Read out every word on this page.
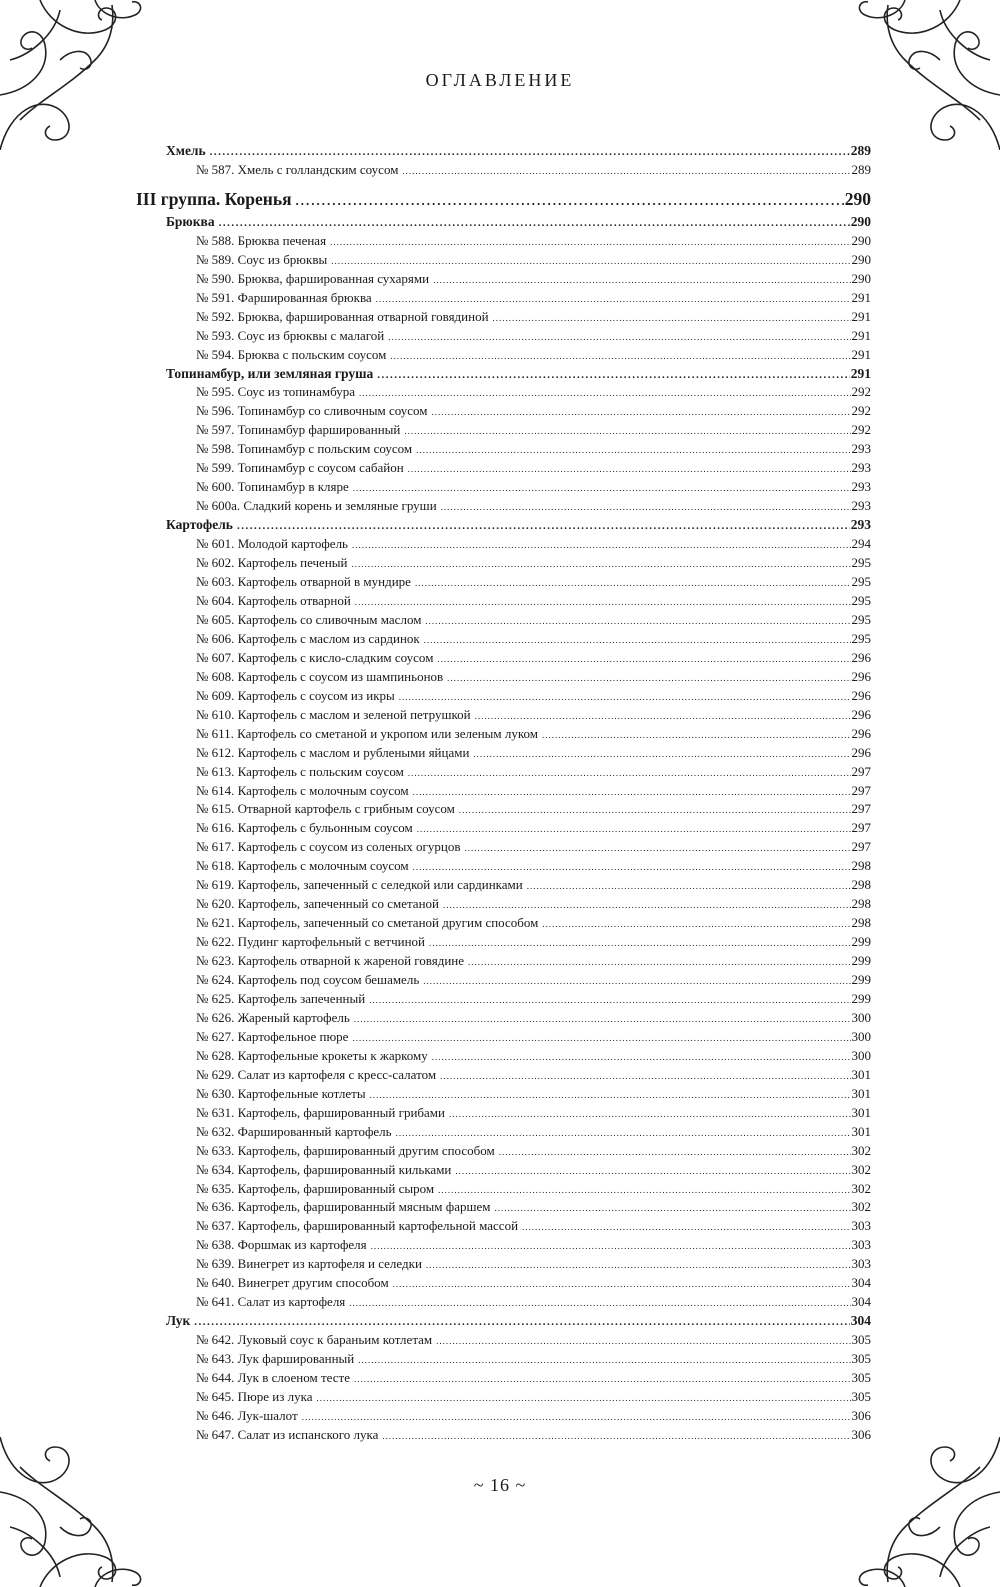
ОГЛАВЛЕНИЕ
Хмель .....	289
№ 587. Хмель с голландским соусом .....	289
III группа. Коренья .....	290
Брюква .....	290
№ 588. Брюква печеная .....	290
№ 589. Соус из брюквы .....	290
№ 590. Брюква, фаршированная сухарями .....	290
№ 591. Фаршированная брюква .....	291
№ 592. Брюква, фаршированная отварной говядиной .....	291
№ 593. Соус из брюквы с малагой .....	291
№ 594. Брюква с польским соусом .....	291
Топинамбур, или земляная груша .....	291
№ 595. Соус из топинамбура .....	292
№ 596. Топинамбур со сливочным соусом .....	292
№ 597. Топинамбур фаршированный .....	292
№ 598. Топинамбур с польским соусом .....	293
№ 599. Топинамбур с соусом сабайон .....	293
№ 600. Топинамбур в кляре .....	293
№ 600а. Сладкий корень и земляные груши .....	293
Картофель .....	293
№ 601. Молодой картофель .....	294
№ 602. Картофель печеный .....	295
№ 603. Картофель отварной в мундире .....	295
№ 604. Картофель отварной .....	295
№ 605. Картофель со сливочным маслом .....	295
№ 606. Картофель с маслом из сардинок .....	295
№ 607. Картофель с кисло-сладким соусом .....	296
№ 608. Картофель с соусом из шампиньонов .....	296
№ 609. Картофель с соусом из икры .....	296
№ 610. Картофель с маслом и зеленой петрушкой .....	296
№ 611. Картофель со сметаной и укропом или зеленым луком .....	296
№ 612. Картофель с маслом и рублеными яйцами .....	296
№ 613. Картофель с польским соусом .....	297
№ 614. Картофель с молочным соусом .....	297
№ 615. Отварной картофель с грибным соусом .....	297
№ 616. Картофель с бульонным соусом .....	297
№ 617. Картофель с соусом из соленых огурцов .....	297
№ 618. Картофель с молочным соусом .....	298
№ 619. Картофель, запеченный с селедкой или сардинками .....	298
№ 620. Картофель, запеченный со сметаной .....	298
№ 621. Картофель, запеченный со сметаной другим способом .....	298
№ 622. Пудинг картофельный с ветчиной .....	299
№ 623. Картофель отварной к жареной говядине .....	299
№ 624. Картофель под соусом бешамель .....	299
№ 625. Картофель запеченный .....	299
№ 626. Жареный картофель .....	300
№ 627. Картофельное пюре .....	300
№ 628. Картофельные крокеты к жаркому .....	300
№ 629. Салат из картофеля с кресс-салатом .....	301
№ 630. Картофельные котлеты .....	301
№ 631. Картофель, фаршированный грибами .....	301
№ 632. Фаршированный картофель .....	301
№ 633. Картофель, фаршированный другим способом .....	302
№ 634. Картофель, фаршированный кильками .....	302
№ 635. Картофель, фаршированный сыром .....	302
№ 636. Картофель, фаршированный мясным фаршем .....	302
№ 637. Картофель, фаршированный картофельной массой .....	303
№ 638. Форшмак из картофеля .....	303
№ 639. Винегрет из картофеля и селедки .....	303
№ 640. Винегрет другим способом .....	304
№ 641. Салат из картофеля .....	304
Лук .....	304
№ 642. Луковый соус к бараньим котлетам .....	305
№ 643. Лук фаршированный .....	305
№ 644. Лук в слоеном тесте .....	305
№ 645. Пюре из лука .....	305
№ 646. Лук-шалот .....	306
№ 647. Салат из испанского лука .....	306
~ 16 ~
